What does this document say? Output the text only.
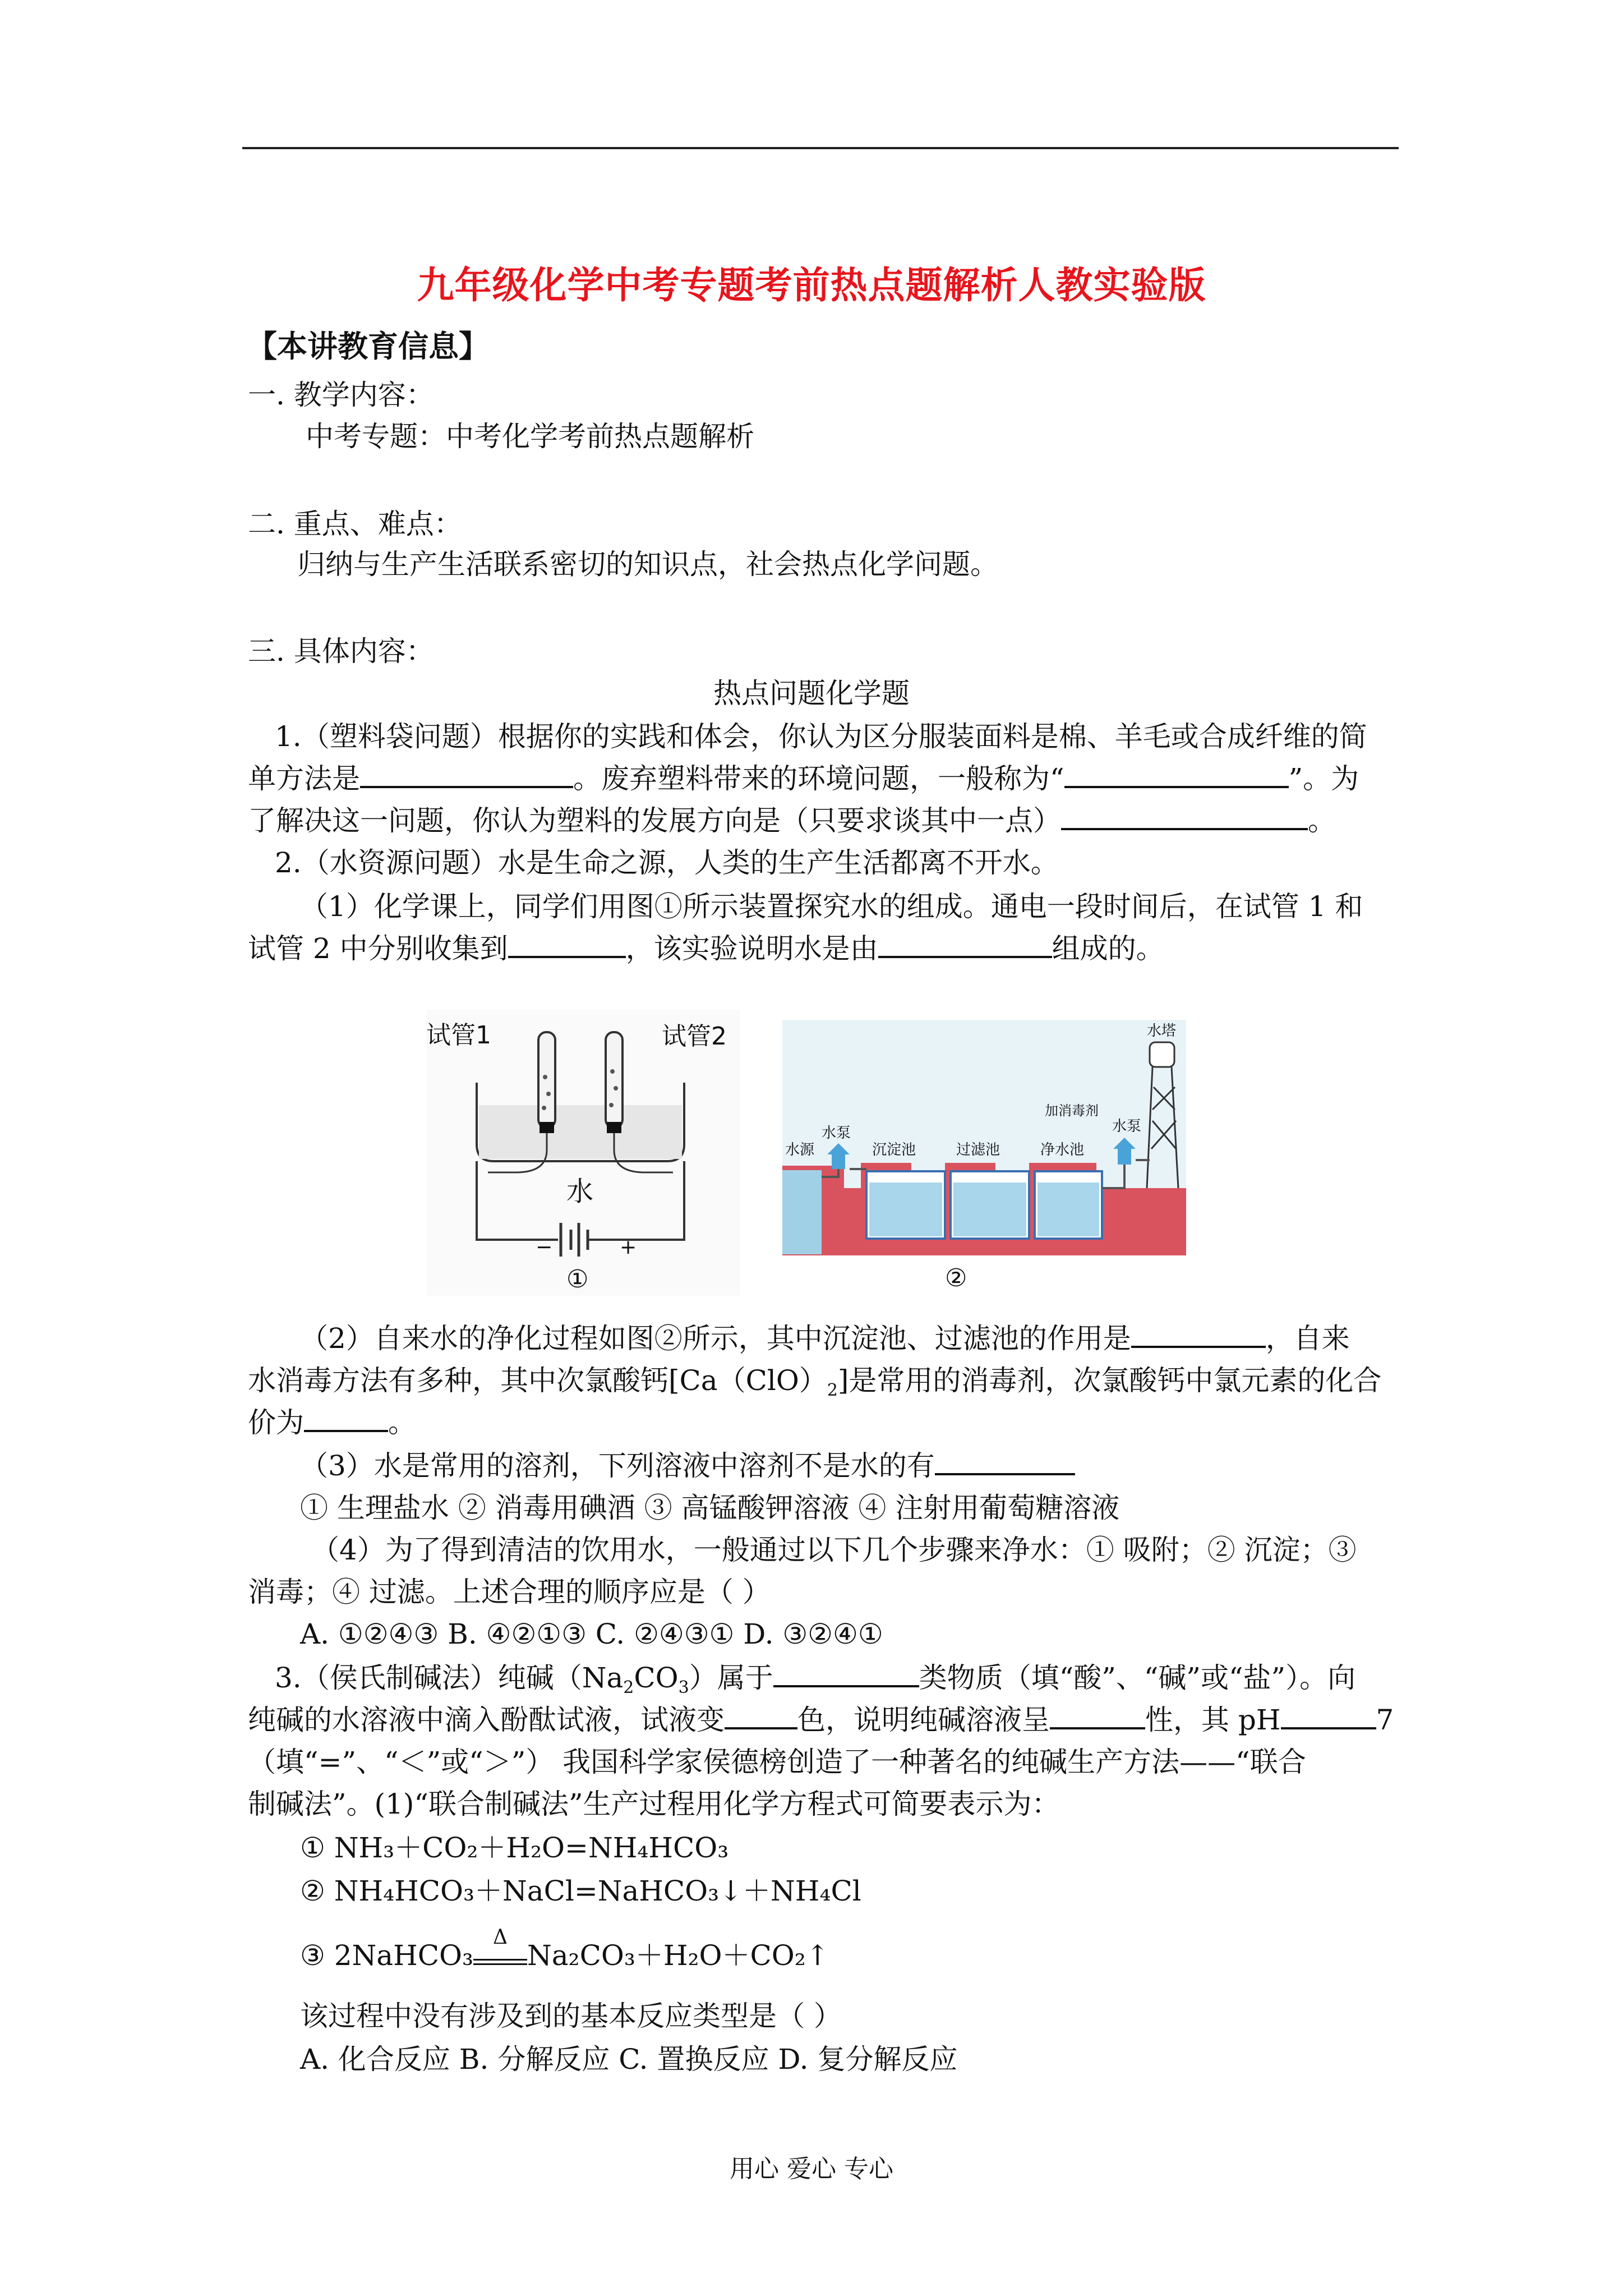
九年级化学中考专题考前热点题解析人教实验版
【本讲教育信息】
一. 教学内容：
中考专题：中考化学考前热点题解析
二. 重点、难点：
归纳与生产生活联系密切的知识点，社会热点化学问题。
三. 具体内容：
热点问题化学题
1.（塑料袋问题）根据你的实践和体会，你认为区分服装面料是棉、羊毛或合成纤维的简
单方法是	。废弃塑料带来的环境问题，一般称为“	”。为
了解决这一问题，你认为塑料的发展方向是（只要求谈其中一点）	。
2.（水资源问题）水是生命之源，人类的生产生活都离不开水。
（1）化学课上，同学们用图①所示装置探究水的组成。通电一段时间后，在试管 1 和
试管 2 中分别收集到	，该实验说明水是由	组成的。
试管1	试管2
水
−	+
①
水塔
加消毒剂
水泵	水泵
水源	沉淀池	过滤池	净水池
②
（2）自来水的净化过程如图②所示，其中沉淀池、过滤池的作用是	，自来
水消毒方法有多种，其中次氯酸钙$[Ca(ClO)_2]$是常用的消毒剂，次氯酸钙中氯元素的化合
价为	。
（3）水是常用的溶剂，下列溶液中溶剂不是水的有
① 生理盐水 ② 消毒用碘酒 ③ 高锰酸钾溶液 ④ 注射用葡萄糖溶液
（4）为了得到清洁的饮用水，一般通过以下几个步骤来净水：① 吸附；② 沉淀；③
消毒；④ 过滤。上述合理的顺序应是（ ）
A. ①②④③ B. ④②①③ C. ②④③① D. ③②④①
3.（侯氏制碱法）纯碱$(Na_2CO_3)$属于	类物质（填“酸”、“碱”或“盐”）。向
纯碱的水溶液中滴入酚酞试液，试液变	色，说明纯碱溶液呈	性，其 pH	7
（填“=”、“＜”或“＞”） 我国科学家侯德榜创造了一种著名的纯碱生产方法——“联合
制碱法”。(1)“联合制碱法”生产过程用化学方程式可简要表示为：
① NH₃＋CO₂＋H₂O=NH₄HCO₃
② NH₄HCO₃＋NaCl=NaHCO₃↓＋NH₄Cl
③ 2NaHCO₃
Δ
Na₂CO₃＋H₂O＋CO₂↑
该过程中没有涉及到的基本反应类型是（ ）
A. 化合反应 B. 分解反应 C. 置换反应 D. 复分解反应
用心 爱心 专心
